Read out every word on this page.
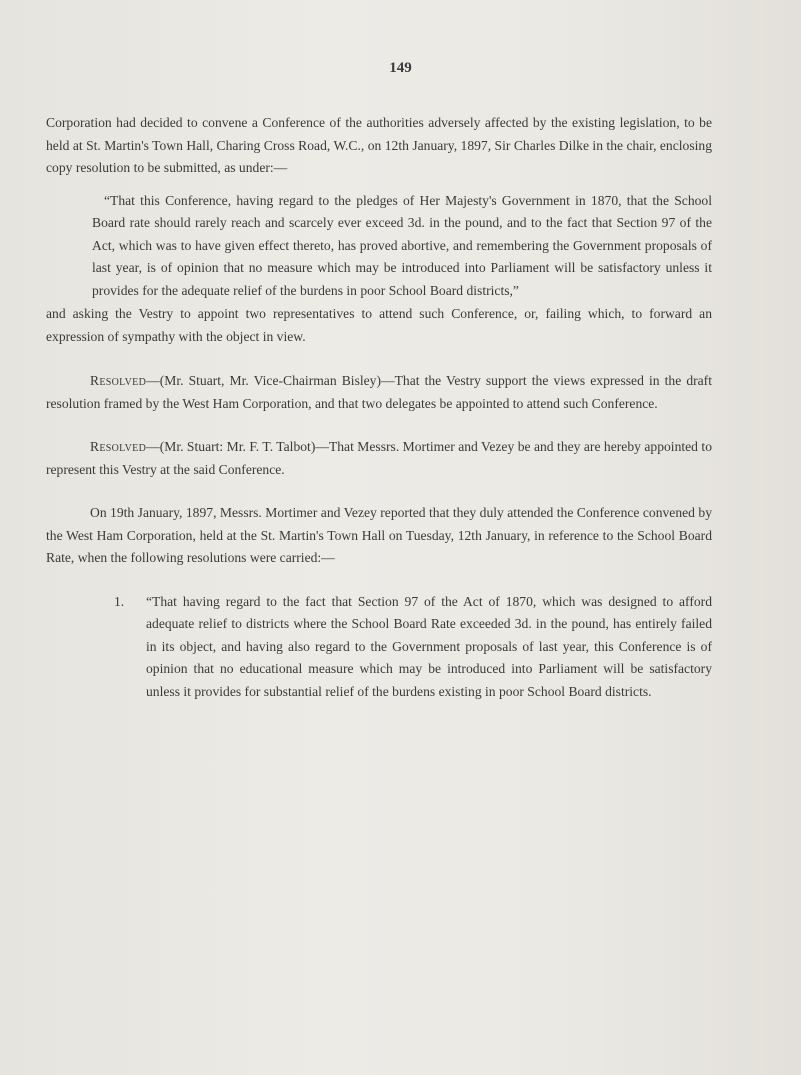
149

Corporation had decided to convene a Conference of the authorities adversely affected by the existing legislation, to be held at St. Martin's Town Hall, Charing Cross Road, W.C., on 12th January, 1897, Sir Charles Dilke in the chair, enclosing copy resolution to be submitted, as under:—

“That this Conference, having regard to the pledges of Her Majesty's Government in 1870, that the School Board rate should rarely reach and scarcely ever exceed 3d. in the pound, and to the fact that Section 97 of the Act, which was to have given effect thereto, has proved abortive, and remembering the Government proposals of last year, is of opinion that no measure which may be introduced into Parliament will be satisfactory unless it provides for the adequate relief of the burdens in poor School Board districts,”

and asking the Vestry to appoint two representatives to attend such Conference, or, failing which, to forward an expression of sympathy with the object in view.

Resolved—(Mr. Stuart, Mr. Vice-Chairman Bisley)—That the Vestry support the views expressed in the draft resolution framed by the West Ham Corporation, and that two delegates be appointed to attend such Conference.

Resolved—(Mr. Stuart: Mr. F. T. Talbot)—That Messrs. Mortimer and Vezey be and they are hereby appointed to represent this Vestry at the said Conference.

On 19th January, 1897, Messrs. Mortimer and Vezey reported that they duly attended the Conference convened by the West Ham Corporation, held at the St. Martin's Town Hall on Tuesday, 12th January, in reference to the School Board Rate, when the following resolutions were carried:—

1. “That having regard to the fact that Section 97 of the Act of 1870, which was designed to afford adequate relief to districts where the School Board Rate exceeded 3d. in the pound, has entirely failed in its object, and having also regard to the Government proposals of last year, this Conference is of opinion that no educational measure which may be introduced into Parliament will be satisfactory unless it provides for substantial relief of the burdens existing in poor School Board districts.
